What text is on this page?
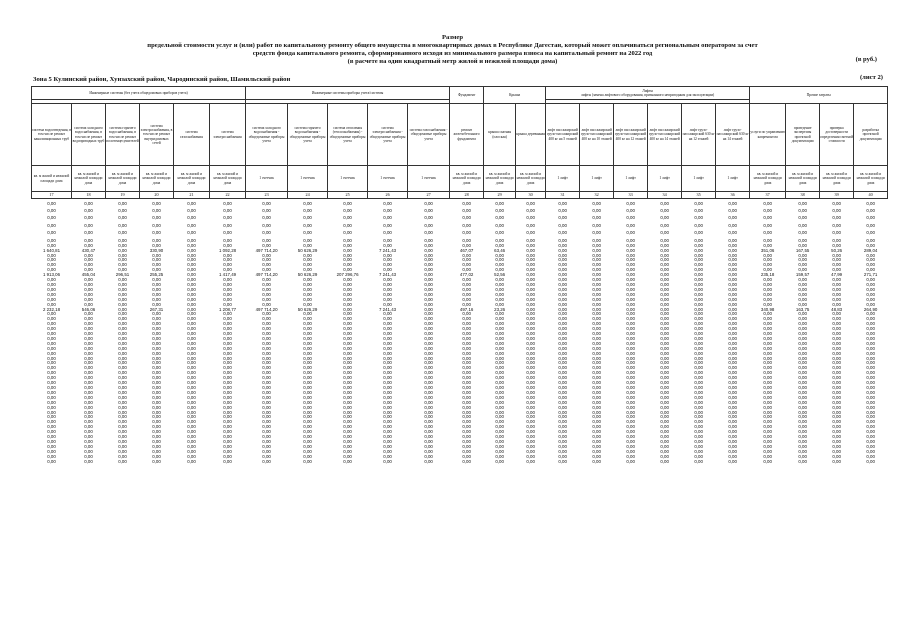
Размер
предельной стоимости услуг и (или) работ по капитальному ремонту общего имущества в многоквартирных домах в Республике Дагестан, который может оплачиваться региональным оператором за счет
средств фонда капитального ремонта, сформированного исходя из минимального размера взноса на капитальный ремонт на 2022 год
(в расчете на один квадратный метр жилой и нежилой площади дома)	(в руб.)
Зона 5 Кулинский район, Хунзахский район, Чародинский район, Шамильский район	(лист 2)
Инженерные системы (без учета общедомовых приборов учета)						Инженерные системы приборы учета/системы					Фундамент	Крыша		Лифты
лифты (замена лифтового оборудования, признанного непригодным для эксплуатации)						Прочие затраты			

система водоотведения, в том числе ремонт канализационных труб	система холодного водоснабжения, в том числе ремонт водопроводных труб	система горячего водоснабжения, в том числе ремонт полотенцесушителей	система электроснабжения, в том числе ремонт внутридомовых сетей	система газоснабжения	система электроснабжения	система холодного водоснабжения - общедомовые приборы учета	система горячего водоснабжения - общедомовые приборы учета	система отопления (теплоснабжения) - общедомовые приборы учета	система электроснабжения - общедомовые приборы учета	система газоснабжения - общедомовые приборы учета	ремонт железобетонного фундамента	крыша скатная (плоская)	крыша деревянная	лифт пассажирский грузо-пассажирский 400 кг на 5 этажей	лифт пассажирский грузо-пассажирский 400 кг на 10 этажей	лифт пассажирский грузо-пассажирский 400 кг на 12 этажей	лифт пассажирский грузо-пассажирский 400 кг на 14 этажей	лифт грузо-пассажирский 630 кг на 12 этажей	лифт грузо-пассажирский 630 кг на 14 этажей	услуги по управлению капремонтом	проведение экспертизы проектной документации	проверка достоверности определения сметной стоимости	разработка проектной документации
кв. м жилой и нежилой площади дома	кв. м жилой и нежилой площади дома	кв. м жилой и нежилой площади дома	кв. м жилой и нежилой площади дома	кв. м жилой и нежилой площади дома	кв. м жилой и нежилой площади дома	1 счетчик	1 счетчик	1 счетчик	1 счетчик	1 счетчик	кв. м жилой и нежилой площади дома	кв. м жилой и нежилой площади дома	кв. м жилой и нежилой площади дома	1 лифт	1 лифт	1 лифт	1 лифт	1 лифт	1 лифт	кв. м жилой и нежилой площади дома	кв. м жилой и нежилой площади дома	кв. м жилой и нежилой площади дома	кв. м жилой и нежилой площади дома
17	18	19	20	21	22	23	24	25	26	27	28	29	30	31	32	33	34	35	36	37	38	39	40
0,00	0,00	0,00	0,00	0,00	0,00	0,00	0,00	0,00	0,00	0,00	0,00	0,00	0,00	0,00	0,00	0,00	0,00	0,00	0,00	0,00	0,00	0,00	0,00
0,00	0,00	0,00	0,00	0,00	0,00	0,00	0,00	0,00	0,00	0,00	0,00	0,00	0,00	0,00	0,00	0,00	0,00	0,00	0,00	0,00	0,00	0,00	0,00
0,00	0,00	0,00	0,00	0,00	0,00	0,00	0,00	0,00	0,00	0,00	0,00	0,00	0,00	0,00	0,00	0,00	0,00	0,00	0,00	0,00	0,00	0,00	0,00
0,00	0,00	0,00	0,00	0,00	0,00	0,00	0,00	0,00	0,00	0,00	0,00	0,00	0,00	0,00	0,00	0,00	0,00	0,00	0,00	0,00	0,00	0,00	0,00
0,00	0,00	0,00	0,00	0,00	0,00	0,00	0,00	0,00	0,00	0,00	0,00	0,00	0,00	0,00	0,00	0,00	0,00	0,00	0,00	0,00	0,00	0,00	0,00
0,00	0,00	0,00	0,00	0,00	0,00	0,00	0,00	0,00	0,00	0,00	0,00	0,00	0,00	0,00	0,00	0,00	0,00	0,00	0,00	0,00	0,00	0,00	0,00
0,00	0,00	0,00	0,00	0,00	0,00	0,00	0,00	0,00	0,00	0,00	0,00	0,00	0,00	0,00	0,00	0,00	0,00	0,00	0,00	0,00	0,00	0,00	0,00
1 640,81	430,47	0,00	330,90	0,00	1 092,28	497 714,20	50 626,29	0,00	7 241,43	0,00	467,07	63,46	0,00	0,00	0,00	0,00	0,00	0,00	0,00	351,06	167,55	50,26	289,04
0,00	0,00	0,00	0,00	0,00	0,00	0,00	0,00	0,00	0,00	0,00	0,00	0,00	0,00	0,00	0,00	0,00	0,00	0,00	0,00	0,00	0,00	0,00	0,00
0,00	0,00	0,00	0,00	0,00	0,00	0,00	0,00	0,00	0,00	0,00	0,00	0,00	0,00	0,00	0,00	0,00	0,00	0,00	0,00	0,00	0,00	0,00	0,00
0,00	0,00	0,00	0,00	0,00	0,00	0,00	0,00	0,00	0,00	0,00	0,00	0,00	0,00	0,00	0,00	0,00	0,00	0,00	0,00	0,00	0,00	0,00	0,00
0,00	0,00	0,00	0,00	0,00	0,00	0,00	0,00	0,00	0,00	0,00	0,00	0,00	0,00	0,00	0,00	0,00	0,00	0,00	0,00	0,00	0,00	0,00	0,00
1 913,06	455,04	296,51	255,25	0,00	1 417,49	497 714,20	50 626,29	207 296,76	7 241,43	0,00	477,02	52,56	0,00	0,00	0,00	0,00	0,00	0,00	0,00	235,18	159,57	47,99	271,71
0,00	0,00	0,00	0,00	0,00	0,00	0,00	0,00	0,00	0,00	0,00	0,00	0,00	0,00	0,00	0,00	0,00	0,00	0,00	0,00	0,00	0,00	0,00	0,00
0,00	0,00	0,00	0,00	0,00	0,00	0,00	0,00	0,00	0,00	0,00	0,00	0,00	0,00	0,00	0,00	0,00	0,00	0,00	0,00	0,00	0,00	0,00	0,00
0,00	0,00	0,00	0,00	0,00	0,00	0,00	0,00	0,00	0,00	0,00	0,00	0,00	0,00	0,00	0,00	0,00	0,00	0,00	0,00	0,00	0,00	0,00	0,00
0,00	0,00	0,00	0,00	0,00	0,00	0,00	0,00	0,00	0,00	0,00	0,00	0,00	0,00	0,00	0,00	0,00	0,00	0,00	0,00	0,00	0,00	0,00	0,00
0,00	0,00	0,00	0,00	0,00	0,00	0,00	0,00	0,00	0,00	0,00	0,00	0,00	0,00	0,00	0,00	0,00	0,00	0,00	0,00	0,00	0,00	0,00	0,00
0,00	0,00	0,00	0,00	0,00	0,00	0,00	0,00	0,00	0,00	0,00	0,00	0,00	0,00	0,00	0,00	0,00	0,00	0,00	0,00	0,00	0,00	0,00	0,00
2 232,18	546,06	0,00	267,31	0,00	1 208,77	497 714,20	50 626,29	0,00	7 241,43	0,00	497,16	23,26	0,00	0,00	0,00	0,00	0,00	0,00	0,00	340,98	163,75	48,83	264,90
0,00	0,00	0,00	0,00	0,00	0,00	0,00	0,00	0,00	0,00	0,00	0,00	0,00	0,00	0,00	0,00	0,00	0,00	0,00	0,00	0,00	0,00	0,00	0,00
0,00	0,00	0,00	0,00	0,00	0,00	0,00	0,00	0,00	0,00	0,00	0,00	0,00	0,00	0,00	0,00	0,00	0,00	0,00	0,00	0,00	0,00	0,00	0,00
0,00	0,00	0,00	0,00	0,00	0,00	0,00	0,00	0,00	0,00	0,00	0,00	0,00	0,00	0,00	0,00	0,00	0,00	0,00	0,00	0,00	0,00	0,00	0,00
0,00	0,00	0,00	0,00	0,00	0,00	0,00	0,00	0,00	0,00	0,00	0,00	0,00	0,00	0,00	0,00	0,00	0,00	0,00	0,00	0,00	0,00	0,00	0,00
0,00	0,00	0,00	0,00	0,00	0,00	0,00	0,00	0,00	0,00	0,00	0,00	0,00	0,00	0,00	0,00	0,00	0,00	0,00	0,00	0,00	0,00	0,00	0,00
0,00	0,00	0,00	0,00	0,00	0,00	0,00	0,00	0,00	0,00	0,00	0,00	0,00	0,00	0,00	0,00	0,00	0,00	0,00	0,00	0,00	0,00	0,00	0,00
0,00	0,00	0,00	0,00	0,00	0,00	0,00	0,00	0,00	0,00	0,00	0,00	0,00	0,00	0,00	0,00	0,00	0,00	0,00	0,00	0,00	0,00	0,00	0,00
0,00	0,00	0,00	0,00	0,00	0,00	0,00	0,00	0,00	0,00	0,00	0,00	0,00	0,00	0,00	0,00	0,00	0,00	0,00	0,00	0,00	0,00	0,00	0,00
0,00	0,00	0,00	0,00	0,00	0,00	0,00	0,00	0,00	0,00	0,00	0,00	0,00	0,00	0,00	0,00	0,00	0,00	0,00	0,00	0,00	0,00	0,00	0,00
0,00	0,00	0,00	0,00	0,00	0,00	0,00	0,00	0,00	0,00	0,00	0,00	0,00	0,00	0,00	0,00	0,00	0,00	0,00	0,00	0,00	0,00	0,00	0,00
0,00	0,00	0,00	0,00	0,00	0,00	0,00	0,00	0,00	0,00	0,00	0,00	0,00	0,00	0,00	0,00	0,00	0,00	0,00	0,00	0,00	0,00	0,00	0,00
0,00	0,00	0,00	0,00	0,00	0,00	0,00	0,00	0,00	0,00	0,00	0,00	0,00	0,00	0,00	0,00	0,00	0,00	0,00	0,00	0,00	0,00	0,00	0,00
0,00	0,00	0,00	0,00	0,00	0,00	0,00	0,00	0,00	0,00	0,00	0,00	0,00	0,00	0,00	0,00	0,00	0,00	0,00	0,00	0,00	0,00	0,00	0,00
0,00	0,00	0,00	0,00	0,00	0,00	0,00	0,00	0,00	0,00	0,00	0,00	0,00	0,00	0,00	0,00	0,00	0,00	0,00	0,00	0,00	0,00	0,00	0,00
0,00	0,00	0,00	0,00	0,00	0,00	0,00	0,00	0,00	0,00	0,00	0,00	0,00	0,00	0,00	0,00	0,00	0,00	0,00	0,00	0,00	0,00	0,00	0,00
0,00	0,00	0,00	0,00	0,00	0,00	0,00	0,00	0,00	0,00	0,00	0,00	0,00	0,00	0,00	0,00	0,00	0,00	0,00	0,00	0,00	0,00	0,00	0,00
0,00	0,00	0,00	0,00	0,00	0,00	0,00	0,00	0,00	0,00	0,00	0,00	0,00	0,00	0,00	0,00	0,00	0,00	0,00	0,00	0,00	0,00	0,00	0,00
0,00	0,00	0,00	0,00	0,00	0,00	0,00	0,00	0,00	0,00	0,00	0,00	0,00	0,00	0,00	0,00	0,00	0,00	0,00	0,00	0,00	0,00	0,00	0,00
0,00	0,00	0,00	0,00	0,00	0,00	0,00	0,00	0,00	0,00	0,00	0,00	0,00	0,00	0,00	0,00	0,00	0,00	0,00	0,00	0,00	0,00	0,00	0,00
0,00	0,00	0,00	0,00	0,00	0,00	0,00	0,00	0,00	0,00	0,00	0,00	0,00	0,00	0,00	0,00	0,00	0,00	0,00	0,00	0,00	0,00	0,00	0,00
0,00	0,00	0,00	0,00	0,00	0,00	0,00	0,00	0,00	0,00	0,00	0,00	0,00	0,00	0,00	0,00	0,00	0,00	0,00	0,00	0,00	0,00	0,00	0,00
0,00	0,00	0,00	0,00	0,00	0,00	0,00	0,00	0,00	0,00	0,00	0,00	0,00	0,00	0,00	0,00	0,00	0,00	0,00	0,00	0,00	0,00	0,00	0,00
0,00	0,00	0,00	0,00	0,00	0,00	0,00	0,00	0,00	0,00	0,00	0,00	0,00	0,00	0,00	0,00	0,00	0,00	0,00	0,00	0,00	0,00	0,00	0,00
0,00	0,00	0,00	0,00	0,00	0,00	0,00	0,00	0,00	0,00	0,00	0,00	0,00	0,00	0,00	0,00	0,00	0,00	0,00	0,00	0,00	0,00	0,00	0,00
0,00	0,00	0,00	0,00	0,00	0,00	0,00	0,00	0,00	0,00	0,00	0,00	0,00	0,00	0,00	0,00	0,00	0,00	0,00	0,00	0,00	0,00	0,00	0,00
0,00	0,00	0,00	0,00	0,00	0,00	0,00	0,00	0,00	0,00	0,00	0,00	0,00	0,00	0,00	0,00	0,00	0,00	0,00	0,00	0,00	0,00	0,00	0,00
0,00	0,00	0,00	0,00	0,00	0,00	0,00	0,00	0,00	0,00	0,00	0,00	0,00	0,00	0,00	0,00	0,00	0,00	0,00	0,00	0,00	0,00	0,00	0,00
0,00	0,00	0,00	0,00	0,00	0,00	0,00	0,00	0,00	0,00	0,00	0,00	0,00	0,00	0,00	0,00	0,00	0,00	0,00	0,00	0,00	0,00	0,00	0,00
0,00	0,00	0,00	0,00	0,00	0,00	0,00	0,00	0,00	0,00	0,00	0,00	0,00	0,00	0,00	0,00	0,00	0,00	0,00	0,00	0,00	0,00	0,00	0,00
0,00	0,00	0,00	0,00	0,00	0,00	0,00	0,00	0,00	0,00	0,00	0,00	0,00	0,00	0,00	0,00	0,00	0,00	0,00	0,00	0,00	0,00	0,00	0,00
0,00	0,00	0,00	0,00	0,00	0,00	0,00	0,00	0,00	0,00	0,00	0,00	0,00	0,00	0,00	0,00	0,00	0,00	0,00	0,00	0,00	0,00	0,00	0,00
